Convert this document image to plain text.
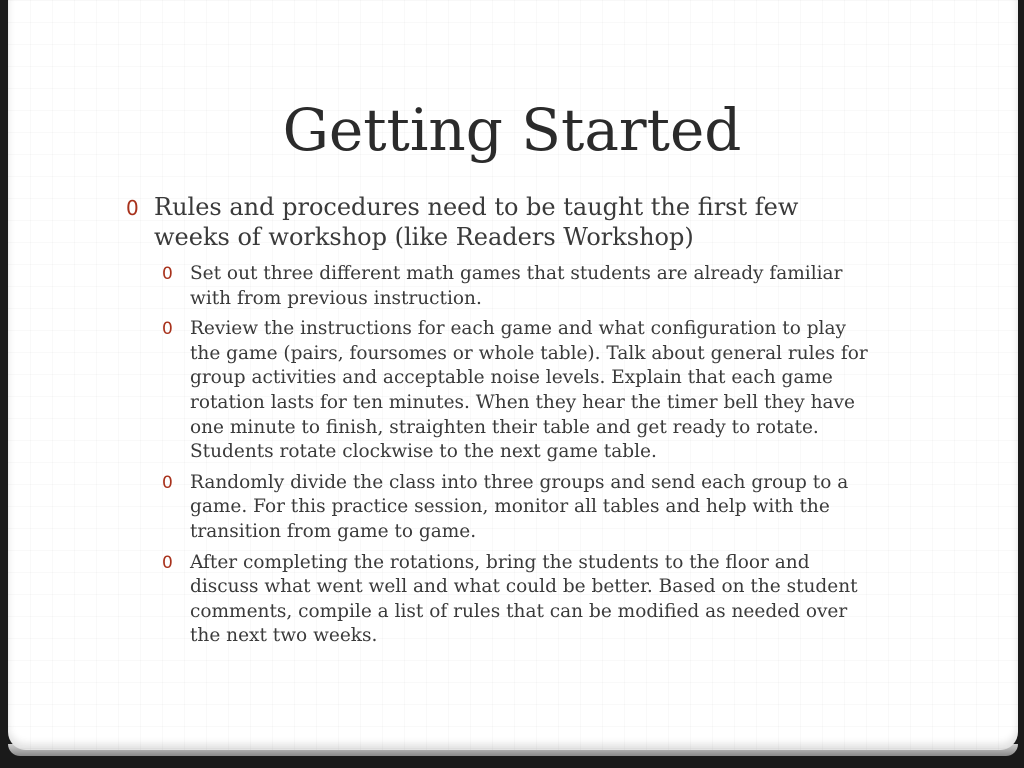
Getting Started
0 Rules and procedures need to be taught the first few weeks of workshop (like Readers Workshop)
0 Set out three different math games that students are already familiar with from previous instruction.
0 Review the instructions for each game and what configuration to play the game (pairs, foursomes or whole table). Talk about general rules for group activities and acceptable noise levels. Explain that each game rotation lasts for ten minutes. When they hear the timer bell they have one minute to finish, straighten their table and get ready to rotate. Students rotate clockwise to the next game table.
0 Randomly divide the class into three groups and send each group to a game. For this practice session, monitor all tables and help with the transition from game to game.
0 After completing the rotations, bring the students to the floor and discuss what went well and what could be better. Based on the student comments, compile a list of rules that can be modified as needed over the next two weeks.
